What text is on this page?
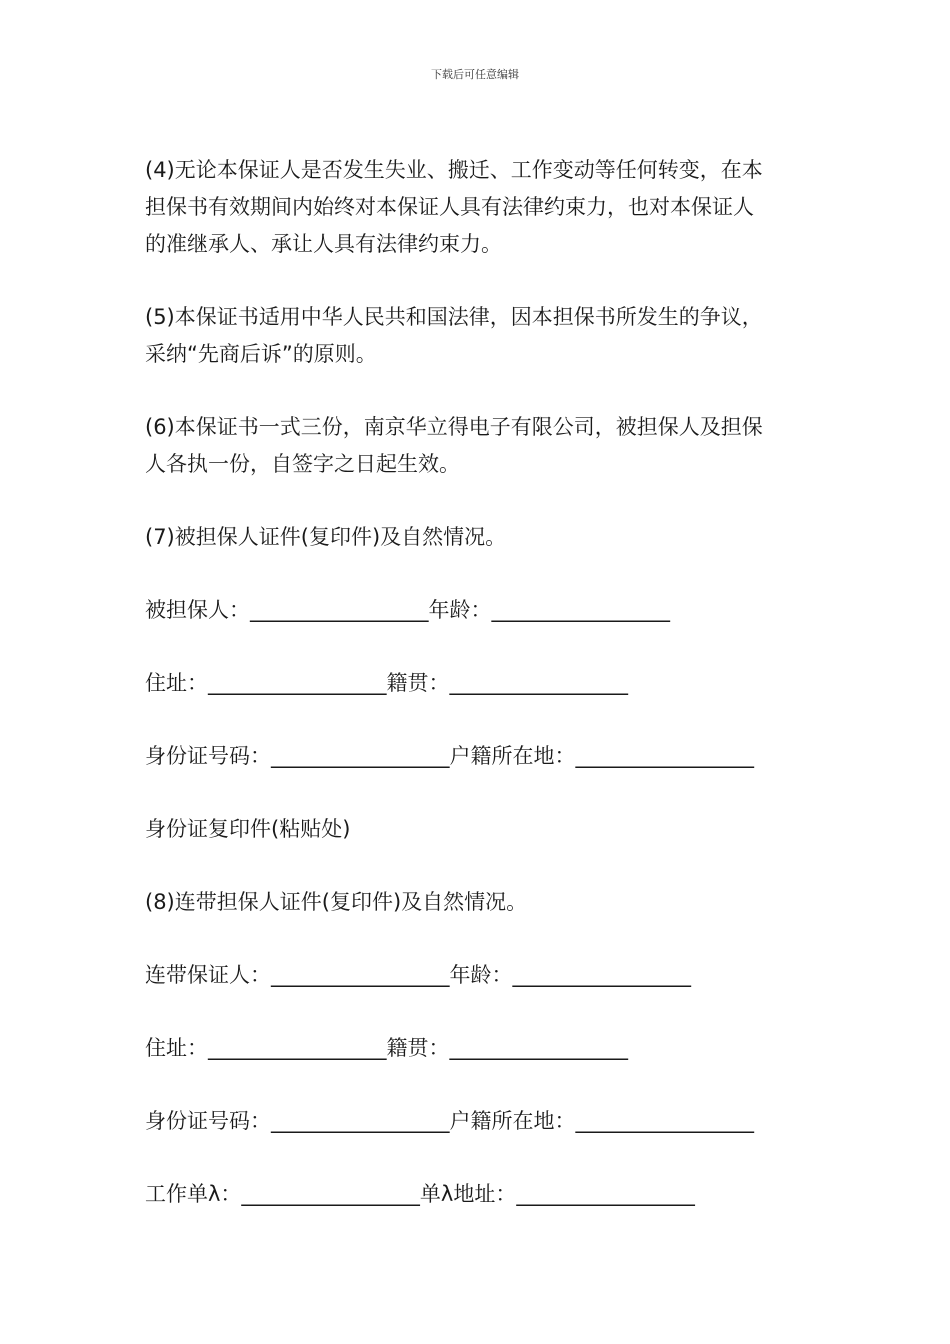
下载后可任意编辑

(4)无论本保证人是否发生失业、搬迁、工作变动等任何转变，在本

担保书有效期间内始终对本保证人具有法律约束力，也对本保证人

的准继承人、承让人具有法律约束力。

(5)本保证书适用中华人民共和国法律，因本担保书所发生的争议，

采纳“先商后诉”的原则。

(6)本保证书一式三份，南京华立得电子有限公司，被担保人及担保

人各执一份，自签字之日起生效。

(7)被担保人证件(复印件)及自然情况。

被担保人：_________________年龄：_________________

住址：_________________籍贯：_________________

身份证号码：_________________户籍所在地：_________________

身份证复印件(粘贴处)

(8)连带担保人证件(复印件)及自然情况。

连带保证人：_________________年龄：_________________

住址：_________________籍贯：_________________

身份证号码：_________________户籍所在地：_________________

工作单λ：_________________单λ地址：_________________
